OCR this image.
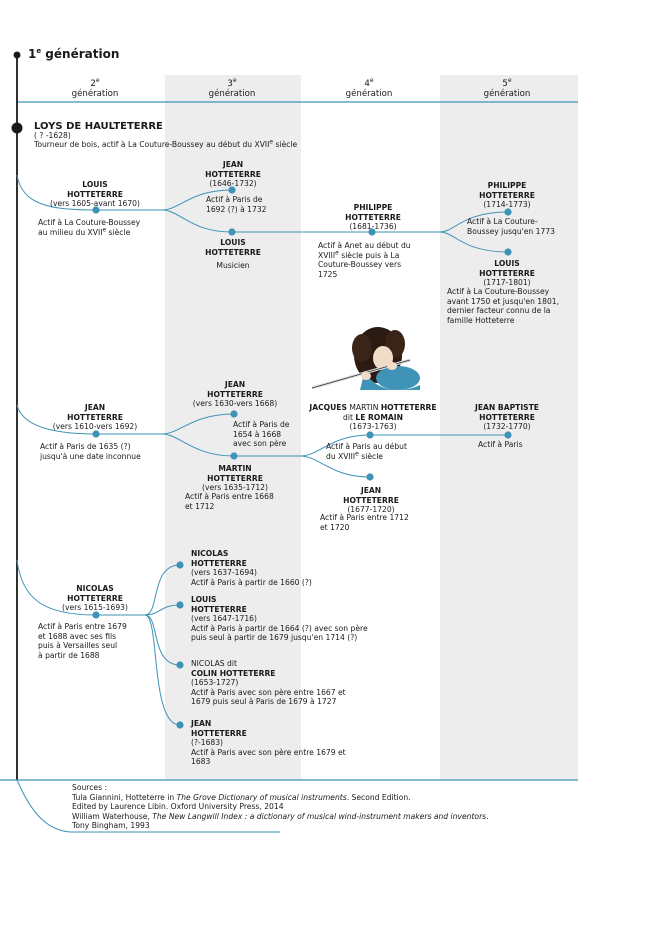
1e génération
2e
génération
3e
génération
4e
génération
5e
génération
LOYS DE HAULTETERRE
( ? -1628)
Tourneur de bois, actif à La Couture-Boussey au début du XVIIe siècle
LOUIS
HOTTETERRE
(vers 1605-avant 1670)
Actif à La Couture-Boussey
au milieu du XVIIe siècle
JEAN
HOTTETERRE
(1646-1732)
Actif à Paris de
1692 (?) à 1732
LOUIS
HOTTETERRE
Musicien
PHILIPPE
HOTTETERRE
(1681-1736)
Actif à Anet au début du
XVIIIe siècle puis à La
Couture-Boussey vers
1725
PHILIPPE
HOTTETERRE
(1714-1773)
Actif à La Couture-
Boussey jusqu'en 1773
LOUIS
HOTTETERRE
(1717-1801)
Actif à La Couture-Boussey
avant 1750 et jusqu'en 1801,
dernier facteur connu de la
famille Hotteterre
JEAN
HOTTETERRE
(vers 1610-vers 1692)
Actif à Paris de 1635 (?)
jusqu'à une date inconnue
JEAN
HOTTETERRE
(vers 1630-vers 1668)
Actif à Paris de
1654 à 1668
avec son père
MARTIN
HOTTETERRE
(vers 1635-1712)
Actif à Paris entre 1668
et 1712
JACQUES MARTIN HOTTETERRE
dit LE ROMAIN
(1673-1763)
Actif à Paris au début
du XVIIIe siècle
JEAN
HOTTETERRE
(1677-1720)
Actif à Paris entre 1712
et 1720
JEAN BAPTISTE
HOTTETERRE
(1732-1770)
Actif à Paris
NICOLAS
HOTTETERRE
(vers 1615-1693)
Actif à Paris entre 1679
et 1688 avec ses fils
puis à Versailles seul
à partir de 1688
NICOLAS
HOTTETERRE
(vers 1637-1694)
Actif à Paris à partir de 1660 (?)
LOUIS
HOTTETERRE
(vers 1647-1716)
Actif à Paris à partir de 1664 (?) avec son père
puis seul à partir de 1679 jusqu'en 1714 (?)
NICOLAS dit
COLIN HOTTETERRE
(1653-1727)
Actif à Paris avec son père entre 1667 et
1679 puis seul à Paris de 1679 à 1727
JEAN
HOTTETERRE
(?-1683)
Actif à Paris avec son père entre 1679 et
1683
Sources :
Tula Giannini, Hotteterre in The Grove Dictionary of musical instruments. Second Edition.
Edited by Laurence Libin. Oxford University Press, 2014
William Waterhouse, The New Langwill Index : a dictionary of musical wind-instrument makers and inventors.
Tony Bingham, 1993
